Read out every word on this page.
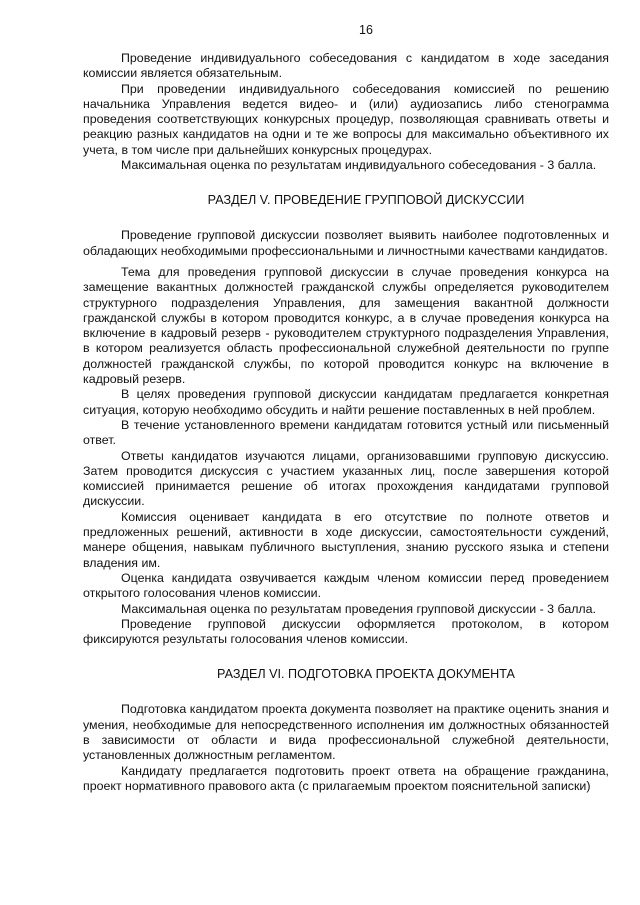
16

Проведение индивидуального собеседования с кандидатом в ходе заседания комиссии является обязательным.

При проведении индивидуального собеседования комиссией по решению начальника Управления ведется видео- и (или) аудиозапись либо стенограмма проведения соответствующих конкурсных процедур, позволяющая сравнивать ответы и реакцию разных кандидатов на одни и те же вопросы для максимально объективного их учета, в том числе при дальнейших конкурсных процедурах.

Максимальная оценка по результатам индивидуального собеседования - 3 балла.

РАЗДЕЛ V. ПРОВЕДЕНИЕ ГРУППОВОЙ ДИСКУССИИ

Проведение групповой дискуссии позволяет выявить наиболее подготовленных и обладающих необходимыми профессиональными и личностными качествами кандидатов.

Тема для проведения групповой дискуссии в случае проведения конкурса на замещение вакантных должностей гражданской службы определяется руководителем структурного подразделения Управления, для замещения вакантной должности гражданской службы в котором проводится конкурс, а в случае проведения конкурса на включение в кадровый резерв - руководителем структурного подразделения Управления, в котором реализуется область профессиональной служебной деятельности по группе должностей гражданской службы, по которой проводится конкурс на включение в кадровый резерв.

В целях проведения групповой дискуссии кандидатам предлагается конкретная ситуация, которую необходимо обсудить и найти решение поставленных в ней проблем.

В течение установленного времени кандидатам готовится устный или письменный ответ.

Ответы кандидатов изучаются лицами, организовавшими групповую дискуссию. Затем проводится дискуссия с участием указанных лиц, после завершения которой комиссией принимается решение об итогах прохождения кандидатами групповой дискуссии.

Комиссия оценивает кандидата в его отсутствие по полноте ответов и предложенных решений, активности в ходе дискуссии, самостоятельности суждений, манере общения, навыкам публичного выступления, знанию русского языка и степени владения им.

Оценка кандидата озвучивается каждым членом комиссии перед проведением открытого голосования членов комиссии.

Максимальная оценка по результатам проведения групповой дискуссии - 3 балла.

Проведение групповой дискуссии оформляется протоколом, в котором фиксируются результаты голосования членов комиссии.

РАЗДЕЛ VI. ПОДГОТОВКА ПРОЕКТА ДОКУМЕНТА

Подготовка кандидатом проекта документа позволяет на практике оценить знания и умения, необходимые для непосредственного исполнения им должностных обязанностей в зависимости от области и вида профессиональной служебной деятельности, установленных должностным регламентом.

Кандидату предлагается подготовить проект ответа на обращение гражданина, проект нормативного правового акта (с прилагаемым проектом пояснительной записки)
